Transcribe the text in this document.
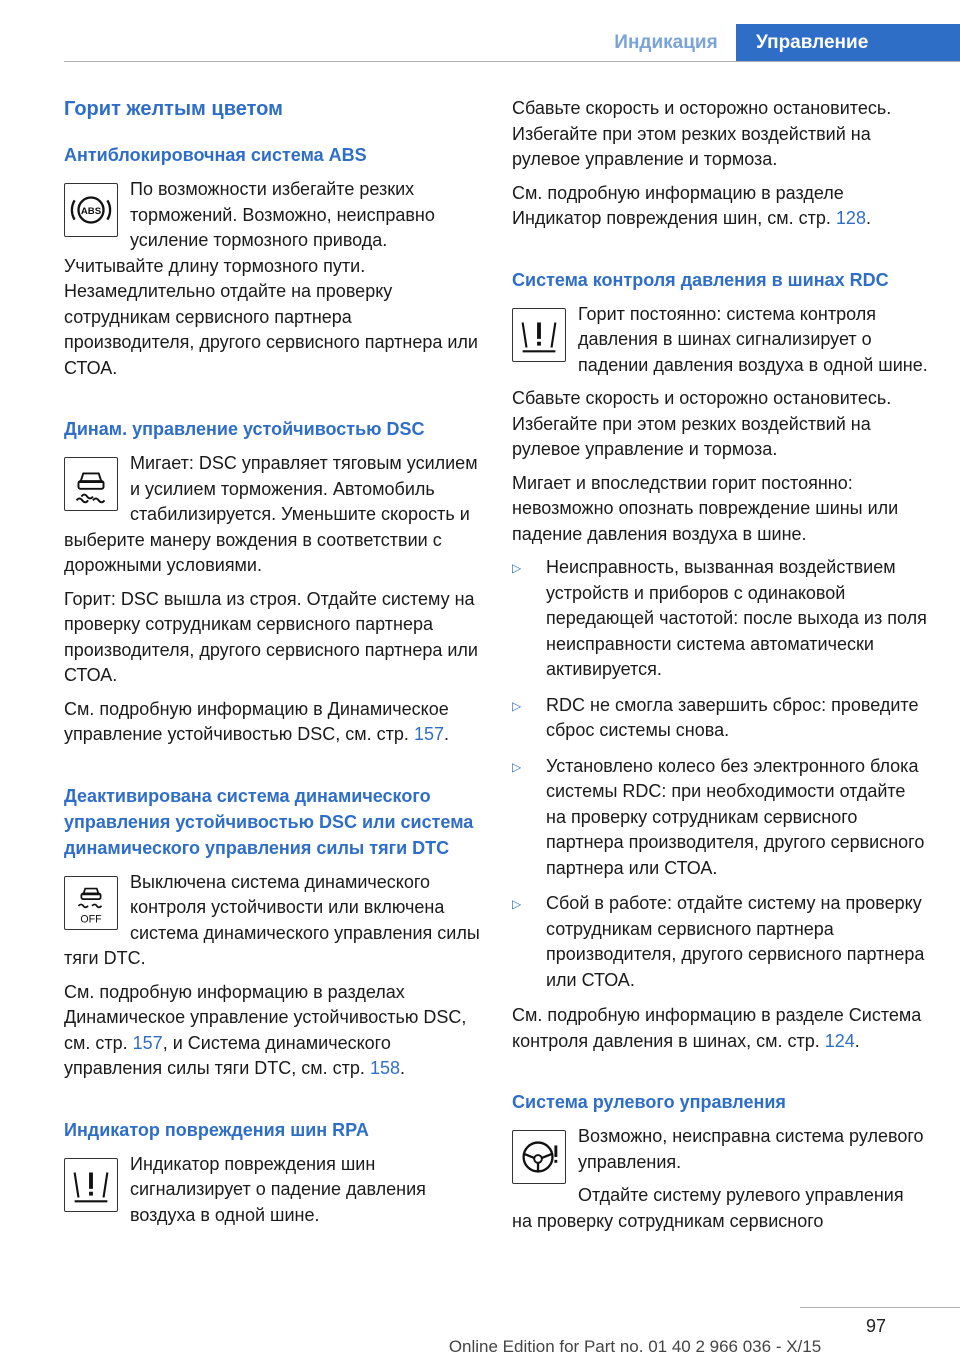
Индикация	Управление
Горит желтым цветом
Антиблокировочная система ABS
ABS

По возможности избегайте резких торможений. Возможно, неисправно усиление тормозного привода. Учитывайте длину тормозного пути. Незамедлительно отдайте на проверку сотрудникам сервисного партнера производителя, другого сервисного партнера или СТОА.

Динам. управление устойчивостью DSC

Мигает: DSC управляет тяговым усилием и усилием торможения. Автомобиль стабилизируется. Уменьшите скорость и выберите манеру вождения в соответствии с дорожными условиями.

Горит: DSC вышла из строя. Отдайте систему на проверку сотрудникам сервисного партнера производителя, другого сервисного партнера или СТОА.

См. подробную информацию в Динамическое управление устойчивостью DSC, см. стр. 157.

Деактивирована система динамического управления устойчивостью DSC или система динамического управления силы тяги DTC
OFF

Выключена система динамического контроля устойчивости или включена система динамического управления силы тяги DTC.

См. подробную информацию в разделах Динамическое управление устойчивостью DSC, см. стр. 157, и Система динамического управления силы тяги DTC, см. стр. 158.

Индикатор повреждения шин RPA

Индикатор повреждения шин сигнализирует о падение давления воздуха в одной шине.

Сбавьте скорость и осторожно остановитесь. Избегайте при этом резких воздействий на рулевое управление и тормоза.

См. подробную информацию в разделе Индикатор повреждения шин, см. стр. 128.

Система контроля давления в шинах RDC

Горит постоянно: система контроля давления в шинах сигнализирует о падении давления воздуха в одной шине.

Сбавьте скорость и осторожно остановитесь. Избегайте при этом резких воздействий на рулевое управление и тормоза.

Мигает и впоследствии горит постоянно: невозможно опознать повреждение шины или падение давления воздуха в шине.

▷ Неисправность, вызванная воздействием устройств и приборов с одинаковой передающей частотой: после выхода из поля неисправности система автоматически активируется.
▷ RDC не смогла завершить сброс: проведите сброс системы снова.
▷ Установлено колесо без электронного блока системы RDC: при необходимости отдайте на проверку сотрудникам сервисного партнера производителя, другого сервисного партнера или СТОА.
▷ Сбой в работе: отдайте систему на проверку сотрудникам сервисного партнера производителя, другого сервисного партнера или СТОА.

См. подробную информацию в разделе Система контроля давления в шинах, см. стр. 124.

Система рулевого управления

Возможно, неисправна система рулевого управления.

Отдайте систему рулевого управления на проверку сотрудникам сервисного

97
Online Edition for Part no. 01 40 2 966 036 - X/15
